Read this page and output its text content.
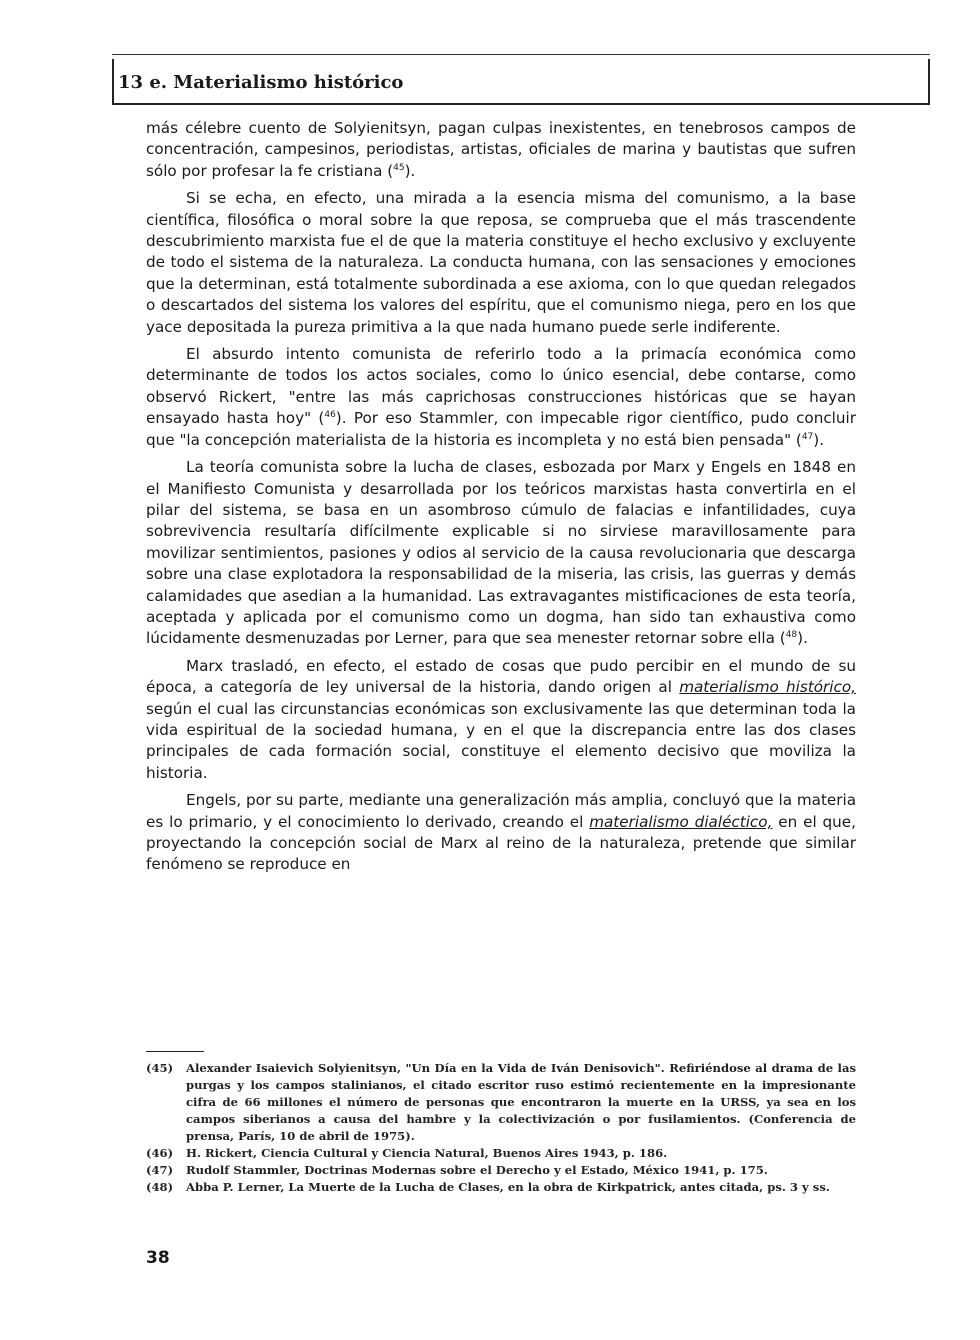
13 e. Materialismo histórico

más célebre cuento de Solyienitsyn, pagan culpas inexistentes, en tenebrosos campos de concentración, campesinos, periodistas, artistas, oficiales de marina y bautistas que sufren sólo por profesar la fe cristiana ($^{45}$).

Si se echa, en efecto, una mirada a la esencia misma del comunismo, a la base científica, filosófica o moral sobre la que reposa, se comprueba que el más trascendente descubrimiento marxista fue el de que la materia constituye el hecho exclusivo y excluyente de todo el sistema de la naturaleza. La conducta humana, con las sensaciones y emociones que la determinan, está totalmente subordinada a ese axioma, con lo que quedan relegados o descartados del sistema los valores del espíritu, que el comunismo niega, pero en los que yace depositada la pureza primitiva a la que nada humano puede serle indiferente.

El absurdo intento comunista de referirlo todo a la primacía económica como determinante de todos los actos sociales, como lo único esencial, debe contarse, como observó Rickert, "entre las más caprichosas construcciones históricas que se hayan ensayado hasta hoy" ($^{46}$). Por eso Stammler, con impecable rigor científico, pudo concluir que "la concepción materialista de la historia es incompleta y no está bien pensada" ($^{47}$).

La teoría comunista sobre la lucha de clases, esbozada por Marx y Engels en 1848 en el Manifiesto Comunista y desarrollada por los teóricos marxistas hasta convertirla en el pilar del sistema, se basa en un asombroso cúmulo de falacias e infantilidades, cuya sobrevivencia resultaría difícilmente explicable si no sirviese maravillosamente para movilizar sentimientos, pasiones y odios al servicio de la causa revolucionaria que descarga sobre una clase explotadora la responsabilidad de la miseria, las crisis, las guerras y demás calamidades que asedian a la humanidad. Las extravagantes mistificaciones de esta teoría, aceptada y aplicada por el comunismo como un dogma, han sido tan exhaustiva como lúcidamente desmenuzadas por Lerner, para que sea menester retornar sobre ella ($^{48}$).

Marx trasladó, en efecto, el estado de cosas que pudo percibir en el mundo de su época, a categoría de ley universal de la historia, dando origen al materialismo histórico, según el cual las circunstancias económicas son exclusivamente las que determinan toda la vida espiritual de la sociedad humana, y en el que la discrepancia entre las dos clases principales de cada formación social, constituye el elemento decisivo que moviliza la historia.

Engels, por su parte, mediante una generalización más amplia, concluyó que la materia es lo primario, y el conocimiento lo derivado, creando el materialismo dialéctico, en el que, proyectando la concepción social de Marx al reino de la naturaleza, pretende que similar fenómeno se reproduce en

(45)	Alexander Isaievich Solyienitsyn, "Un Día en la Vida de Iván Denisovich". Refiriéndose al drama de las purgas y los campos stalinianos, el citado escritor ruso estimó recientemente en la impresionante cifra de 66 millones el número de personas que encontraron la muerte en la URSS, ya sea en los campos siberianos a causa del hambre y la colectivización o por fusilamientos. (Conferencia de prensa, París, 10 de abril de 1975).
(46)	H. Rickert, Ciencia Cultural y Ciencia Natural, Buenos Aires 1943, p. 186.
(47)	Rudolf Stammler, Doctrinas Modernas sobre el Derecho y el Estado, México 1941, p. 175.
(48)	Abba P. Lerner, La Muerte de la Lucha de Clases, en la obra de Kirkpatrick, antes citada, ps. 3 y ss.
38
